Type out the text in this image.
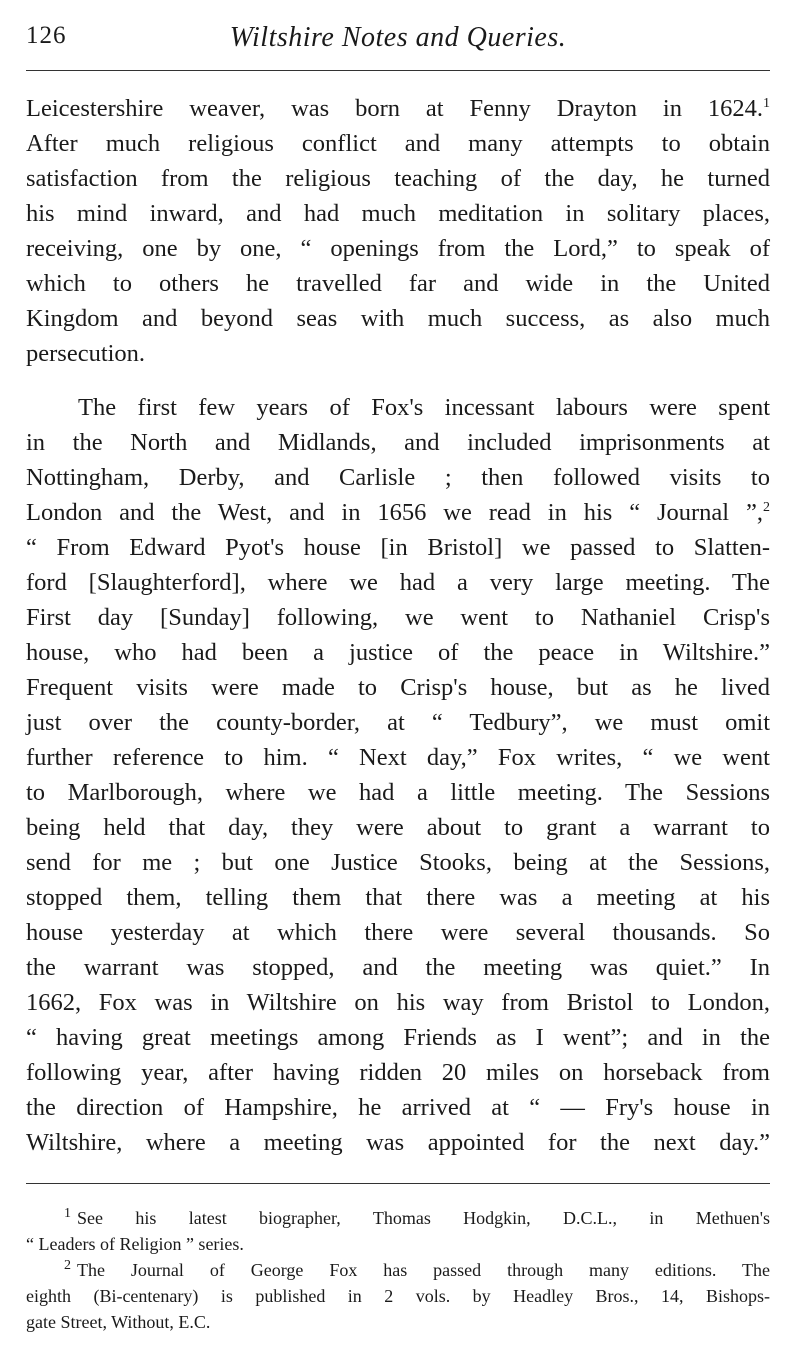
126	Wiltshire Notes and Queries.
Leicestershire weaver, was born at Fenny Drayton in 1624.$^1$
After much religious conflict and many attempts to obtain
satisfaction from the religious teaching of the day, he turned
his mind inward, and had much meditation in solitary places,
receiving, one by one, “ openings from the Lord,” to speak of
which to others he travelled far and wide in the United
Kingdom and beyond seas with much success, as also much
persecution.
The first few years of Fox's incessant labours were spent
in the North and Midlands, and included imprisonments at
Nottingham, Derby, and Carlisle ; then followed visits to
London and the West, and in 1656 we read in his “ Journal ”,$^2$
“ From Edward Pyot's house [in Bristol] we passed to Slatten-
ford [Slaughterford], where we had a very large meeting. The
First day [Sunday] following, we went to Nathaniel Crisp's
house, who had been a justice of the peace in Wiltshire.”
Frequent visits were made to Crisp's house, but as he lived
just over the county-border, at “ Tedbury”, we must omit
further reference to him. “ Next day,” Fox writes, “ we went
to Marlborough, where we had a little meeting. The Sessions
being held that day, they were about to grant a warrant to
send for me ; but one Justice Stooks, being at the Sessions,
stopped them, telling them that there was a meeting at his
house yesterday at which there were several thousands. So
the warrant was stopped, and the meeting was quiet.” In
1662, Fox was in Wiltshire on his way from Bristol to London,
“ having great meetings among Friends as I went”; and in the
following year, after having ridden 20 miles on horseback from
the direction of Hampshire, he arrived at “ — Fry's house in
Wiltshire, where a meeting was appointed for the next day.”
$^1$ See his latest biographer, Thomas Hodgkin, D.C.L., in Methuen's
“ Leaders of Religion ” series.
$^2$ The Journal of George Fox has passed through many editions. The
eighth (Bi-centenary) is published in 2 vols. by Headley Bros., 14, Bishops-
gate Street, Without, E.C.
